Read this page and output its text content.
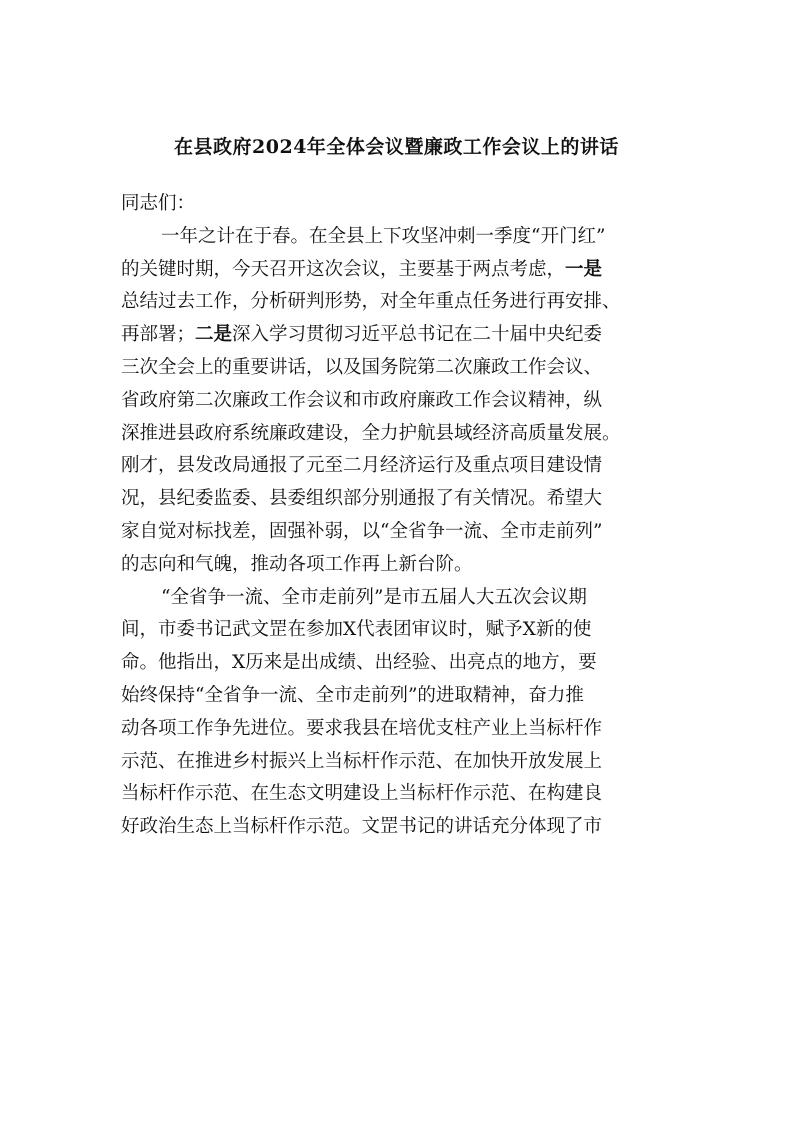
在县政府2024年全体会议暨廉政工作会议上的讲话
同志们：
一年之计在于春。在全县上下攻坚冲刺一季度“开门红”
的关键时期，今天召开这次会议，主要基于两点考虑，一是
总结过去工作，分析研判形势，对全年重点任务进行再安排、
再部署；二是深入学习贯彻习近平总书记在二十届中央纪委
三次全会上的重要讲话，以及国务院第二次廉政工作会议、
省政府第二次廉政工作会议和市政府廉政工作会议精神，纵
深推进县政府系统廉政建设，全力护航县域经济高质量发展。
刚才，县发改局通报了元至二月经济运行及重点项目建设情
况，县纪委监委、县委组织部分别通报了有关情况。希望大
家自觉对标找差，固强补弱，以“全省争一流、全市走前列”
的志向和气魄，推动各项工作再上新台阶。
“全省争一流、全市走前列”是市五届人大五次会议期
间，市委书记武文罡在参加X代表团审议时，赋予X新的使
命。他指出，X历来是出成绩、出经验、出亮点的地方，要
始终保持“全省争一流、全市走前列”的进取精神，奋力推
动各项工作争先进位。要求我县在培优支柱产业上当标杆作
示范、在推进乡村振兴上当标杆作示范、在加快开放发展上
当标杆作示范、在生态文明建设上当标杆作示范、在构建良
好政治生态上当标杆作示范。文罡书记的讲话充分体现了市
